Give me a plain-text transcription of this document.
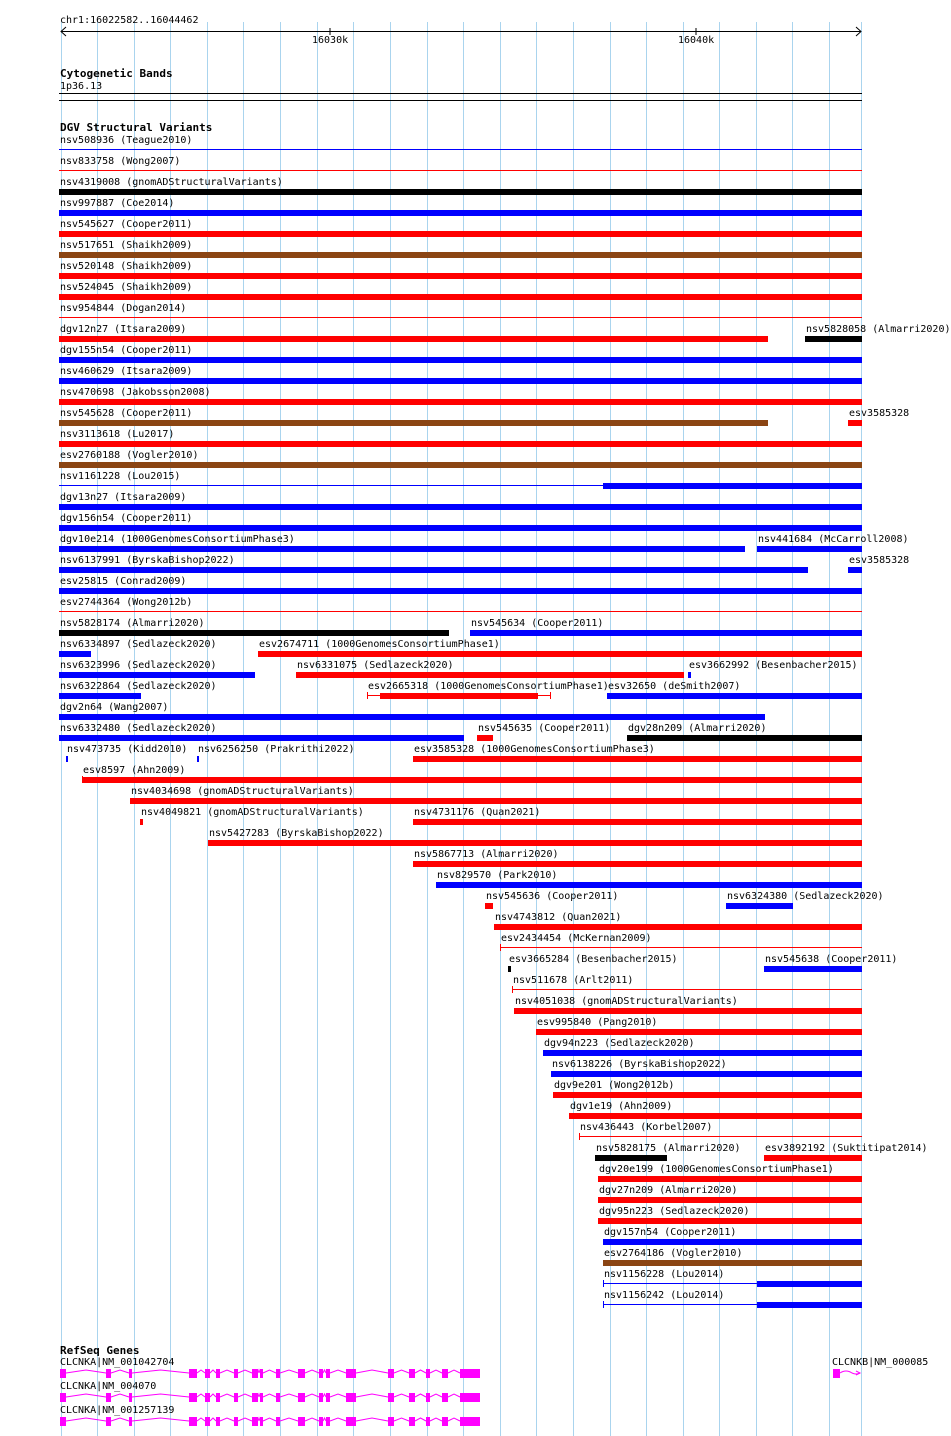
chr1:16022582..16044462
16030k	16040k
Cytogenetic Bands
1p36.13
DGV Structural Variants
nsv508936 (Teague2010)
nsv833758 (Wong2007)
nsv4319008 (gnomADStructuralVariants)
nsv997887 (Coe2014)
nsv545627 (Cooper2011)
nsv517651 (Shaikh2009)
nsv520148 (Shaikh2009)
nsv524045 (Shaikh2009)
nsv954844 (Dogan2014)
dgv12n27 (Itsara2009)	nsv5828058 (Almarri2020)
dgv155n54 (Cooper2011)
nsv460629 (Itsara2009)
nsv470698 (Jakobsson2008)
nsv545628 (Cooper2011)	esv3585328
nsv3113618 (Lu2017)
esv2760188 (Vogler2010)
nsv1161228 (Lou2015)
dgv13n27 (Itsara2009)
dgv156n54 (Cooper2011)
dgv10e214 (1000GenomesConsortiumPhase3)	nsv441684 (McCarroll2008)
nsv6137991 (ByrskaBishop2022)	esv3585328
esv25815 (Conrad2009)
esv2744364 (Wong2012b)
nsv5828174 (Almarri2020)	nsv545634 (Cooper2011)
nsv6334897 (Sedlazeck2020)	esv2674711 (1000GenomesConsortiumPhase1)
nsv6323996 (Sedlazeck2020)	nsv6331075 (Sedlazeck2020)	esv3662992 (Besenbacher2015)
nsv6322864 (Sedlazeck2020)	esv2665318 (1000GenomesConsortiumPhase1) esv32650 (deSmith2007)
dgv2n64 (Wang2007)
nsv6332480 (Sedlazeck2020)	nsv545635 (Cooper2011) dgv28n209 (Almarri2020)
nsv473735 (Kidd2010) nsv6256250 (Prakrithi2022)	esv3585328 (1000GenomesConsortiumPhase3)
esv8597 (Ahn2009)
nsv4034698 (gnomADStructuralVariants)
nsv4049821 (gnomADStructuralVariants)	nsv4731176 (Quan2021)
nsv5427283 (ByrskaBishop2022)
nsv5867713 (Almarri2020)
nsv829570 (Park2010)
nsv545636 (Cooper2011)	nsv6324380 (Sedlazeck2020)
nsv4743812 (Quan2021)
esv2434454 (McKernan2009)
esv3665284 (Besenbacher2015)	nsv545638 (Cooper2011)
nsv511678 (Arlt2011)
nsv4051038 (gnomADStructuralVariants)
esv995840 (Pang2010)
dgv94n223 (Sedlazeck2020)
nsv6138226 (ByrskaBishop2022)
dgv9e201 (Wong2012b)
dgv1e19 (Ahn2009)
nsv436443 (Korbel2007)
nsv5828175 (Almarri2020) esv3892192 (Suktitipat2014)
dgv20e199 (1000GenomesConsortiumPhase1)
dgv27n209 (Almarri2020)
dgv95n223 (Sedlazeck2020)
dgv157n54 (Cooper2011)
esv2764186 (Vogler2010)
nsv1156228 (Lou2014)
nsv1156242 (Lou2014)
RefSeq Genes
CLCNKA|NM_001042704	CLCNKB|NM_000085
CLCNKA|NM_004070
CLCNKA|NM_001257139
